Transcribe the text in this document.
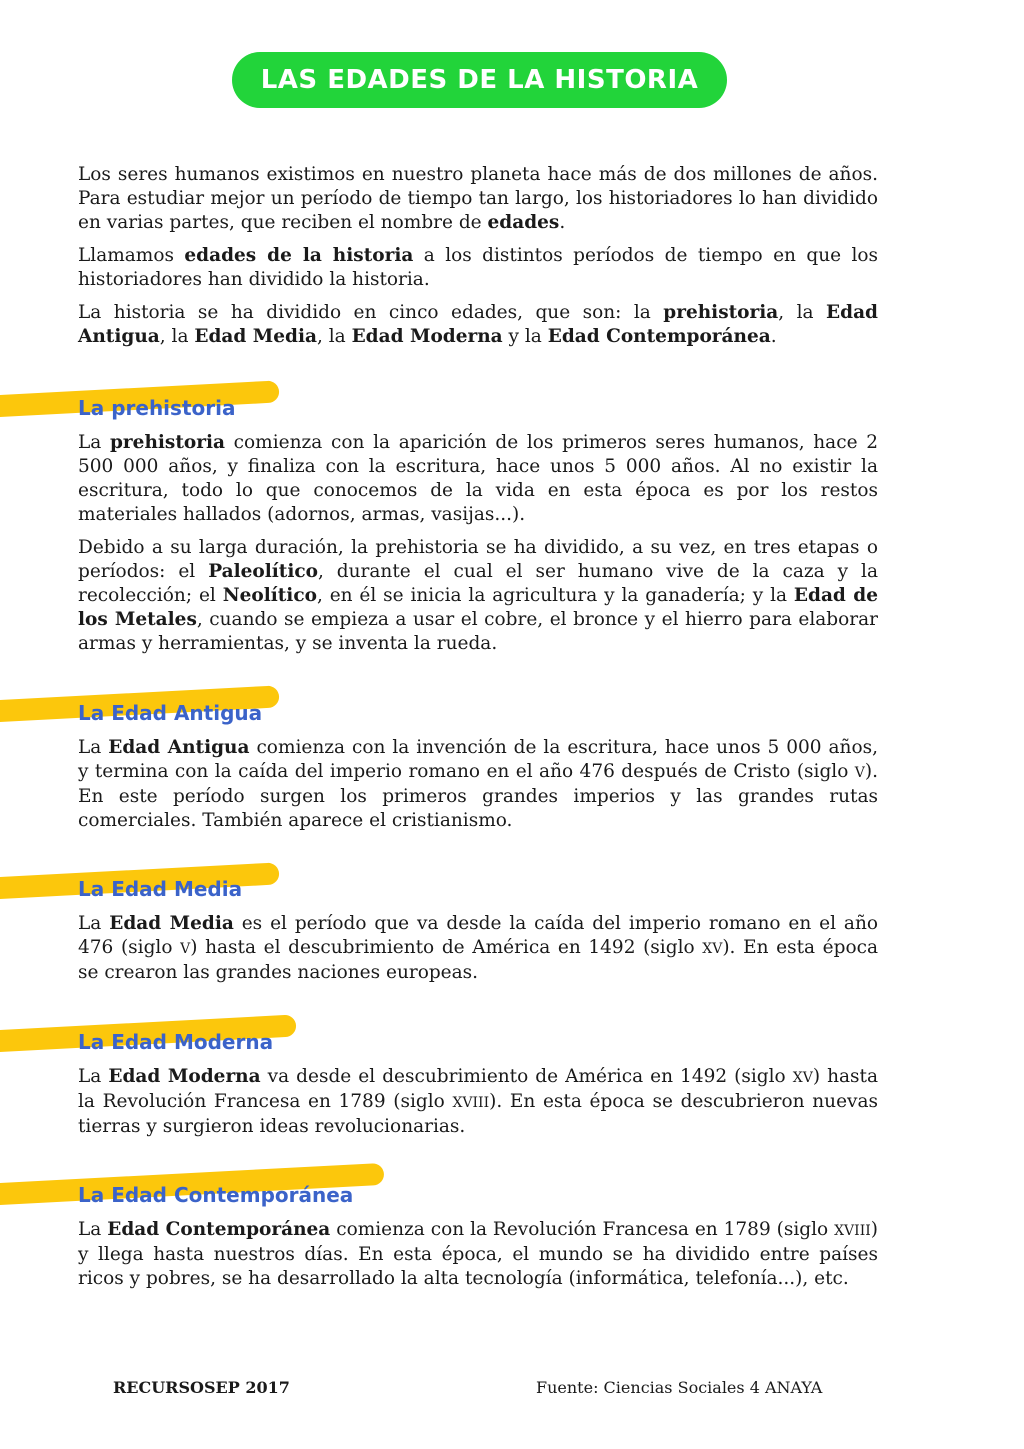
LAS EDADES DE LA HISTORIA

Los seres humanos existimos en nuestro planeta hace más de dos millones de años. Para estudiar mejor un período de tiempo tan largo, los historiadores lo han dividido en varias partes, que reciben el nombre de edades.

Llamamos edades de la historia a los distintos períodos de tiempo en que los historiadores han dividido la historia.

La historia se ha dividido en cinco edades, que son: la prehistoria, la Edad Antigua, la Edad Media, la Edad Moderna y la Edad Contemporánea.

La prehistoria

La prehistoria comienza con la aparición de los primeros seres humanos, hace 2 500 000 años, y finaliza con la escritura, hace unos 5 000 años. Al no existir la escritura, todo lo que conocemos de la vida en esta época es por los restos materiales hallados (adornos, armas, vasijas...).

Debido a su larga duración, la prehistoria se ha dividido, a su vez, en tres etapas o períodos: el Paleolítico, durante el cual el ser humano vive de la caza y la recolección; el Neolítico, en él se inicia la agricultura y la ganadería; y la Edad de los Metales, cuando se empieza a usar el cobre, el bronce y el hierro para elaborar armas y herramientas, y se inventa la rueda.

La Edad Antigua

La Edad Antigua comienza con la invención de la escritura, hace unos 5 000 años, y termina con la caída del imperio romano en el año 476 después de Cristo (siglo V). En este período surgen los primeros grandes imperios y las grandes rutas comerciales. También aparece el cristianismo.

La Edad Media

La Edad Media es el período que va desde la caída del imperio romano en el año 476 (siglo V) hasta el descubrimiento de América en 1492 (siglo XV). En esta época se crearon las grandes naciones europeas.

La Edad Moderna

La Edad Moderna va desde el descubrimiento de América en 1492 (siglo XV) hasta la Revolución Francesa en 1789 (siglo XVIII). En esta época se descubrieron nuevas tierras y surgieron ideas revolucionarias.

La Edad Contemporánea

La Edad Contemporánea comienza con la Revolución Francesa en 1789 (siglo XVIII) y llega hasta nuestros días. En esta época, el mundo se ha dividido entre países ricos y pobres, se ha desarrollado la alta tecnología (informática, telefonía...), etc.

RECURSOSEP 2017	Fuente: Ciencias Sociales 4 ANAYA
